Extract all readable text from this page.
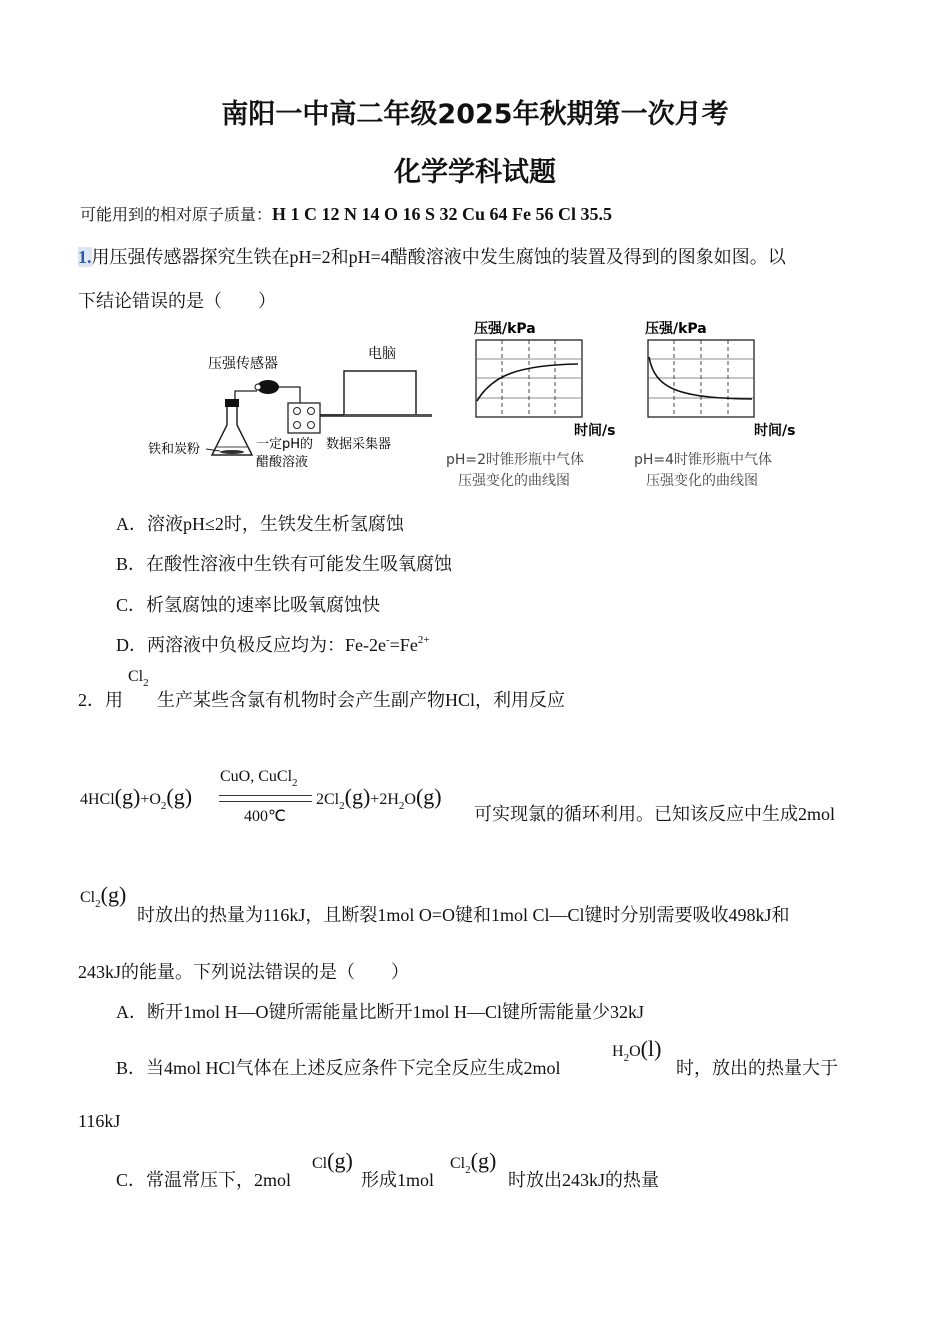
南阳一中高二年级2025年秋期第一次月考
化学学科试题
可能用到的相对原子质量：H 1 C 12 N 14 O 16 S 32 Cu 64 Fe 56 Cl 35.5
1.用压强传感器探究生铁在pH=2和pH=4醋酸溶液中发生腐蚀的装置及得到的图象如图。以
下结论错误的是（　　）
压强传感器
电脑
铁和炭粉	一定pH的
醋酸溶液
数据采集器
压强/kPa
时间/s
pH=2时锥形瓶中气体
压强变化的曲线图
压强/kPa
时间/s
pH=4时锥形瓶中气体
压强变化的曲线图
A．溶液pH≤2时，生铁发生析氢腐蚀
B．在酸性溶液中生铁有可能发生吸氧腐蚀
C．析氢腐蚀的速率比吸氧腐蚀快
D．两溶液中负极反应均为：$Fe-2e^-=Fe^{2+}$
2．用
$Cl_2$
生产某些含氯有机物时会产生副产物HCl，利用反应
$4HCl(g)+O_2(g)$
CuO, CuCl$_2$
400℃
$2Cl_2(g)+2H_2O(g)$
可实现氯的循环利用。已知该反应中生成2mol
$Cl_2(g)$
时放出的热量为116kJ，且断裂1mol O=O键和1mol Cl—Cl键时分别需要吸收498kJ和
243kJ的能量。下列说法错误的是（　　）
A．断开1mol H—O键所需能量比断开1mol H—Cl键所需能量少32kJ
B．当4mol HCl气体在上述反应条件下完全反应生成2mol
$H_2O(l)$
时，放出的热量大于
116kJ
C．常温常压下，2mol
Cl(g)
形成1mol
$Cl_2(g)$
时放出243kJ的热量
